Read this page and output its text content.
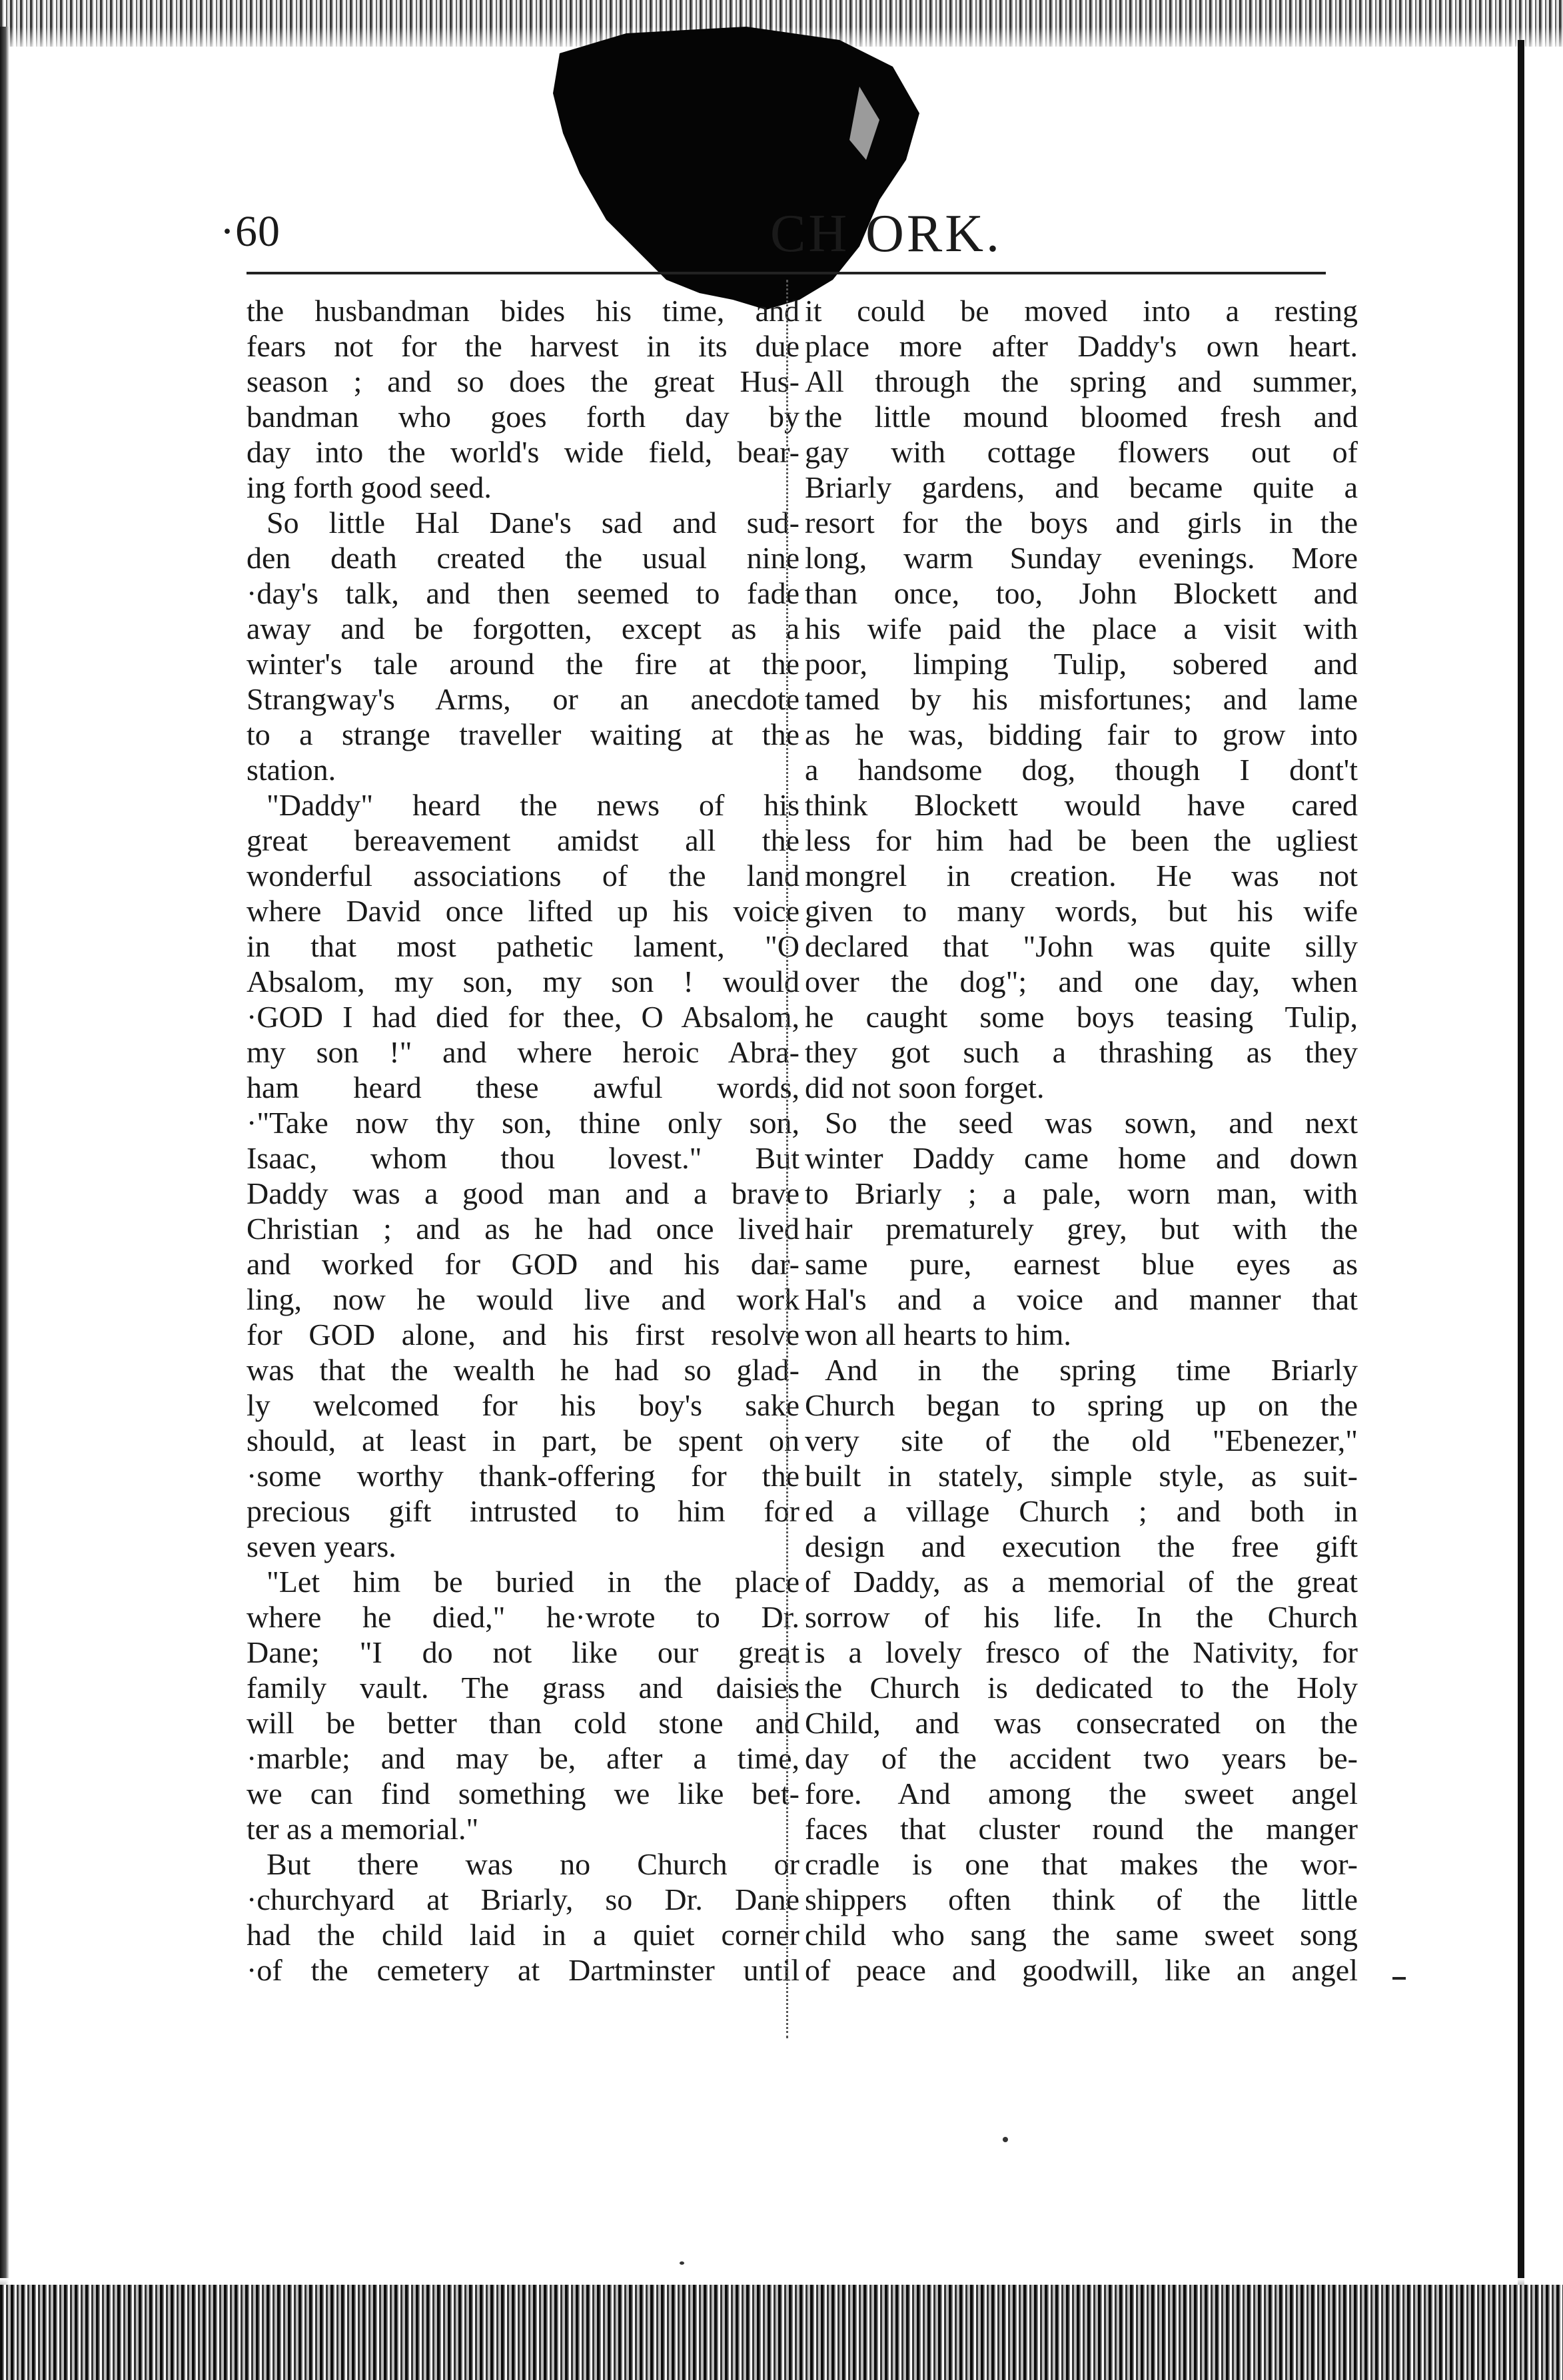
·60	CH ORK.
the husbandman bides his time, and
fears not for the harvest in its due
season ; and so does the great Hus-
bandman who goes forth day by
day into the world's wide field, bear-
ing forth good seed.
So little Hal Dane's sad and sud-
den death created the usual nine
·day's talk, and then seemed to fade
away and be forgotten, except as a
winter's tale around the fire at the
Strangway's Arms, or an anecdote
to a strange traveller waiting at the
station.
"Daddy" heard the news of his
great bereavement amidst all the
wonderful associations of the land
where David once lifted up his voice
in that most pathetic lament, "O
Absalom, my son, my son ! would
·GOD I had died for thee, O Absalom,
my son !" and where heroic Abra-
ham heard these awful words,
·"Take now thy son, thine only son,
Isaac, whom thou lovest." But
Daddy was a good man and a brave
Christian ; and as he had once lived
and worked for GOD and his dar-
ling, now he would live and work
for GOD alone, and his first resolve
was that the wealth he had so glad-
ly welcomed for his boy's sake
should, at least in part, be spent on
·some worthy thank-offering for the
precious gift intrusted to him for
seven years.
"Let him be buried in the place
where he died," he·wrote to Dr.
Dane; "I do not like our great
family vault. The grass and daisies
will be better than cold stone and
·marble; and may be, after a time,
we can find something we like bet-
ter as a memorial."
But there was no Church or
·churchyard at Briarly, so Dr. Dane
had the child laid in a quiet corner
·of the cemetery at Dartminster until
it could be moved into a resting
place more after Daddy's own heart.
All through the spring and summer,
the little mound bloomed fresh and
gay with cottage flowers out of
Briarly gardens, and became quite a
resort for the boys and girls in the
long, warm Sunday evenings. More
than once, too, John Blockett and
his wife paid the place a visit with
poor, limping Tulip, sobered and
tamed by his misfortunes; and lame
as he was, bidding fair to grow into
a handsome dog, though I dont't
think Blockett would have cared
less for him had be been the ugliest
mongrel in creation. He was not
given to many words, but his wife
declared that "John was quite silly
over the dog"; and one day, when
he caught some boys teasing Tulip,
they got such a thrashing as they
did not soon forget.
So the seed was sown, and next
winter Daddy came home and down
to Briarly ; a pale, worn man, with
hair prematurely grey, but with the
same pure, earnest blue eyes as
Hal's and a voice and manner that
won all hearts to him.
And in the spring time Briarly
Church began to spring up on the
very site of the old "Ebenezer,"
built in stately, simple style, as suit-
ed a village Church ; and both in
design and execution the free gift
of Daddy, as a memorial of the great
sorrow of his life. In the Church
is a lovely fresco of the Nativity, for
the Church is dedicated to the Holy
Child, and was consecrated on the
day of the accident two years be-
fore. And among the sweet angel
faces that cluster round the manger
cradle is one that makes the wor-
shippers often think of the little
child who sang the same sweet song
of peace and goodwill, like an angel
